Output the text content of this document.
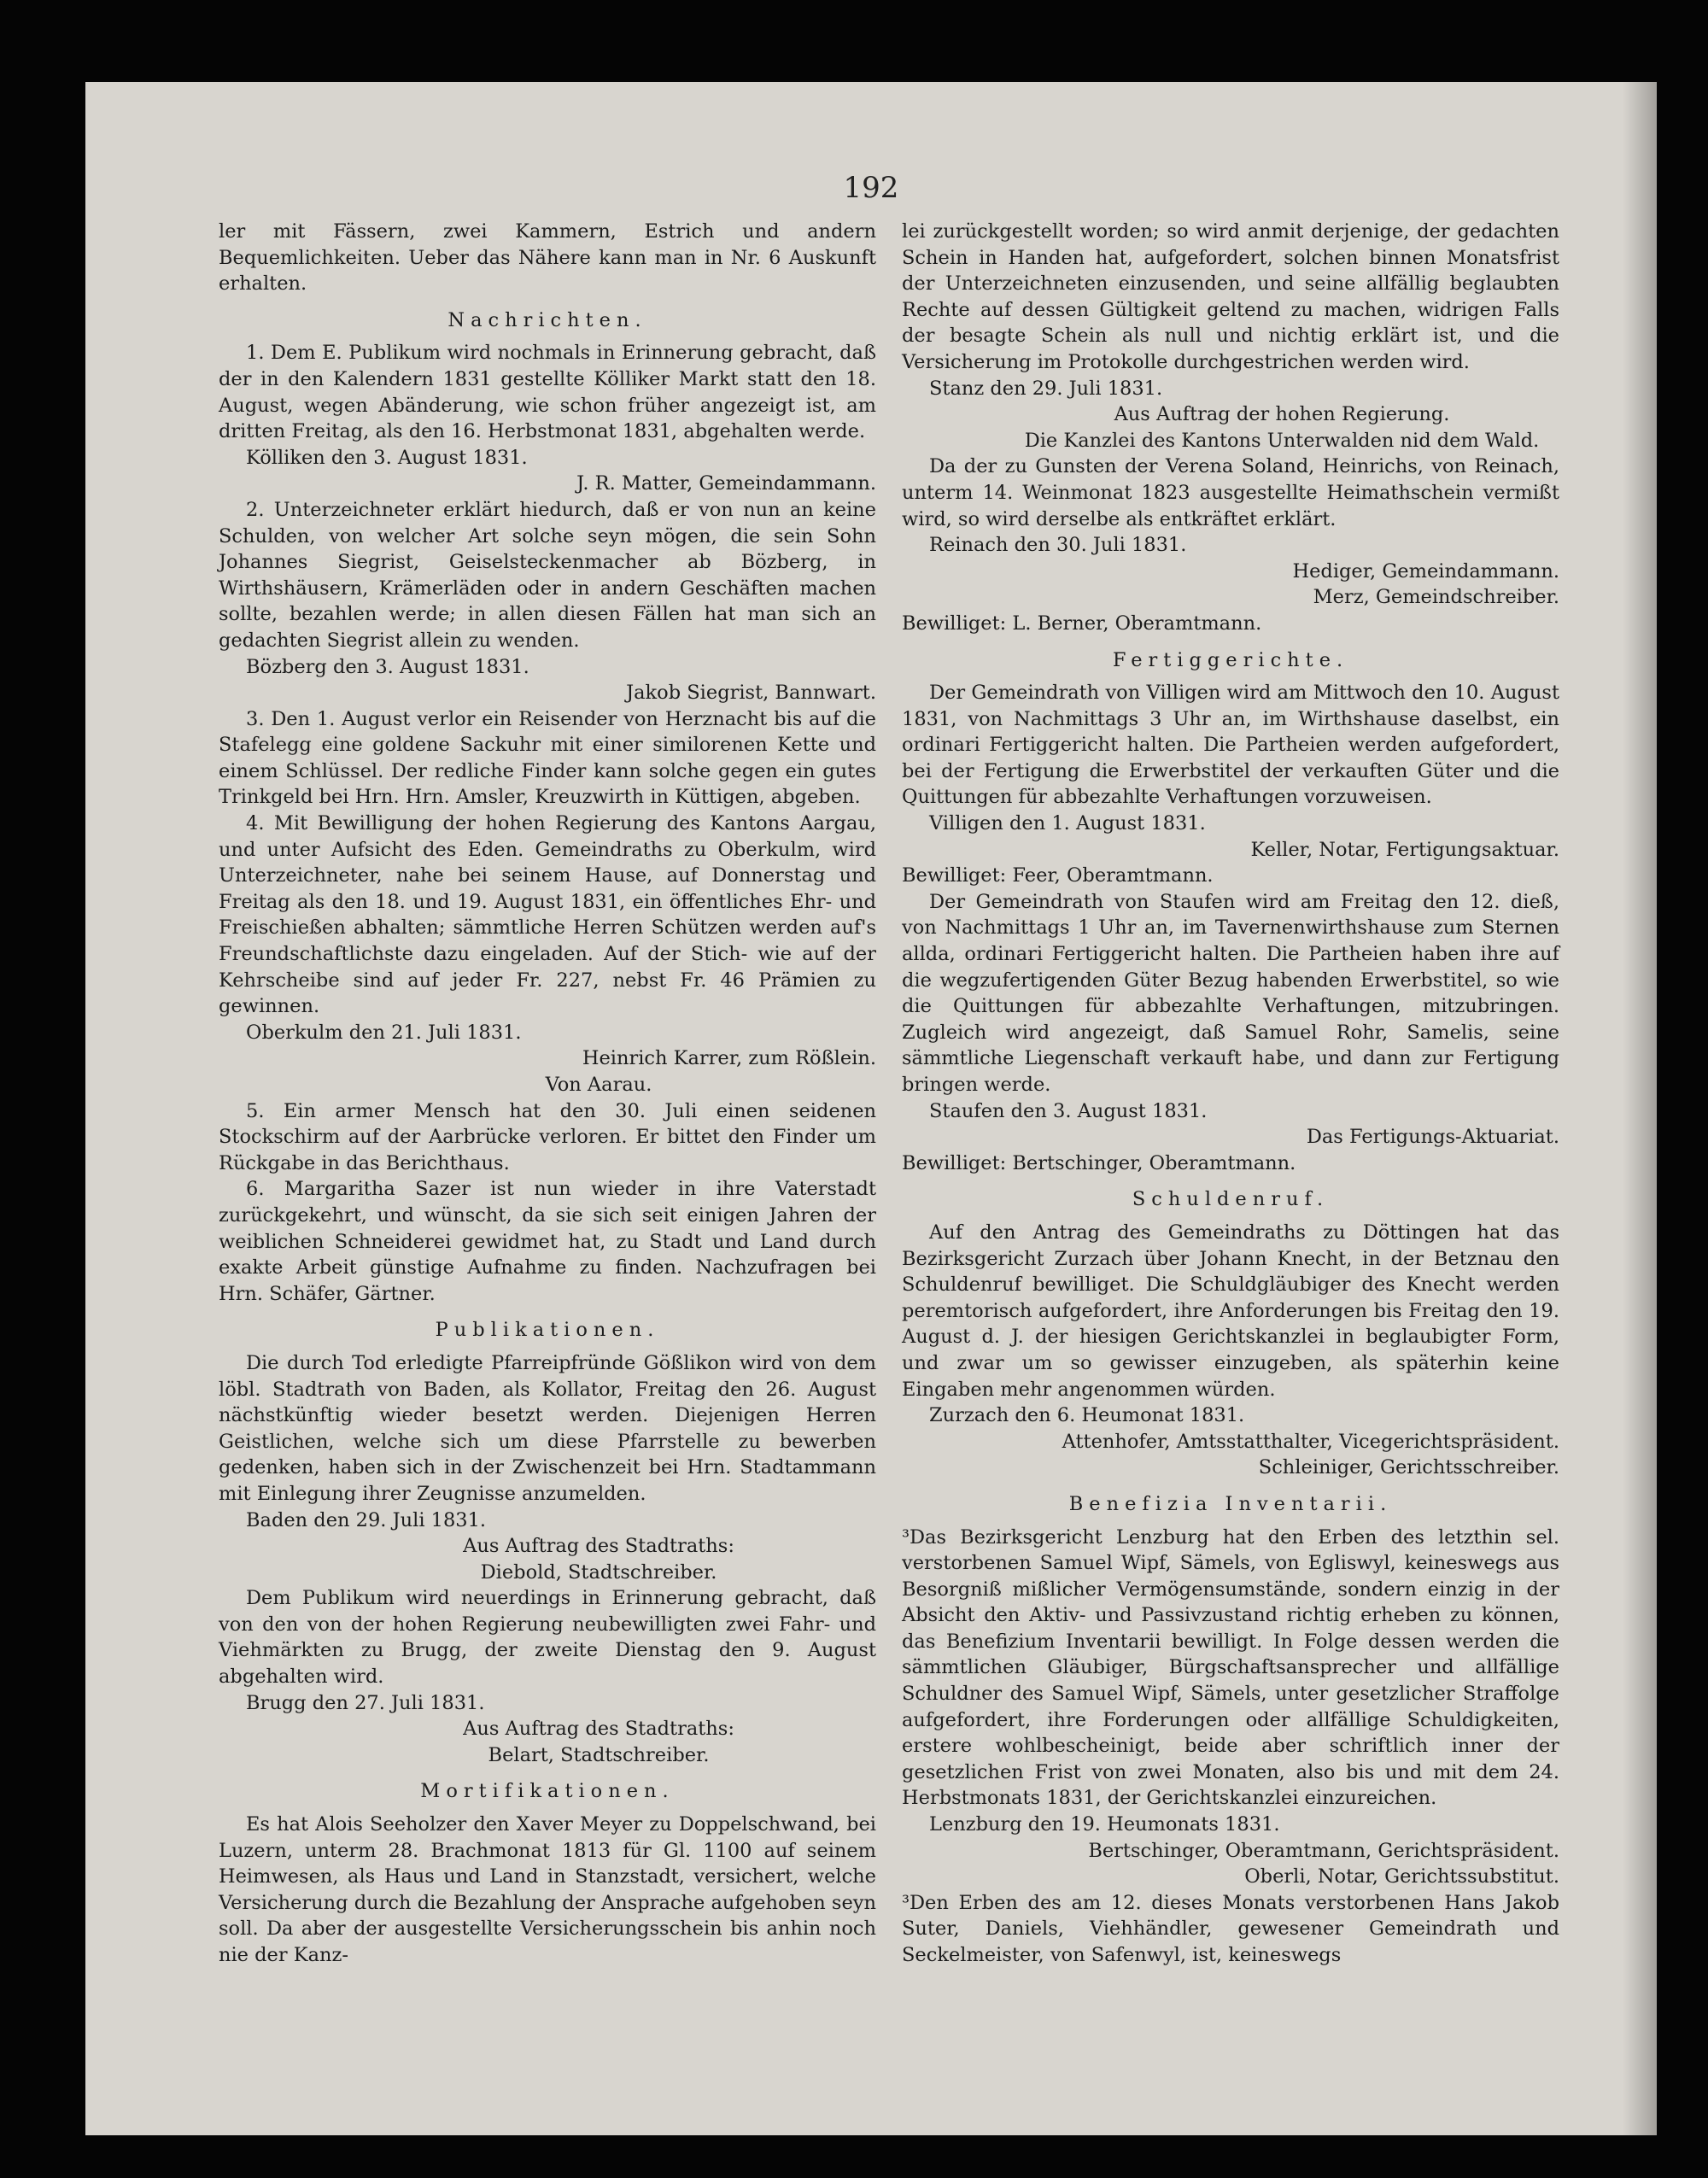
192

ler mit Fässern, zwei Kammern, Estrich und andern Bequemlichkeiten. Ueber das Nähere kann man in Nr. 6 Auskunft erhalten.

Nachrichten.

1. Dem E. Publikum wird nochmals in Erinnerung gebracht, daß der in den Kalendern 1831 gestellte Kölliker Markt statt den 18. August, wegen Abänderung, wie schon früher angezeigt ist, am dritten Freitag, als den 16. Herbstmonat 1831, abgehalten werde.

Kölliken den 3. August 1831.

J. R. Matter, Gemeindammann.

2. Unterzeichneter erklärt hiedurch, daß er von nun an keine Schulden, von welcher Art solche seyn mögen, die sein Sohn Johannes Siegrist, Geiselsteckenmacher ab Bözberg, in Wirthshäusern, Krämerläden oder in andern Geschäften machen sollte, bezahlen werde; in allen diesen Fällen hat man sich an gedachten Siegrist allein zu wenden.

Bözberg den 3. August 1831.

Jakob Siegrist, Bannwart.

3. Den 1. August verlor ein Reisender von Herznacht bis auf die Stafelegg eine goldene Sackuhr mit einer similorenen Kette und einem Schlüssel. Der redliche Finder kann solche gegen ein gutes Trinkgeld bei Hrn. Hrn. Amsler, Kreuzwirth in Küttigen, abgeben.

4. Mit Bewilligung der hohen Regierung des Kantons Aargau, und unter Aufsicht des Eden. Gemeindraths zu Oberkulm, wird Unterzeichneter, nahe bei seinem Hause, auf Donnerstag und Freitag als den 18. und 19. August 1831, ein öffentliches Ehr- und Freischießen abhalten; sämmtliche Herren Schützen werden auf's Freundschaftlichste dazu eingeladen. Auf der Stich- wie auf der Kehrscheibe sind auf jeder Fr. 227, nebst Fr. 46 Prämien zu gewinnen.

Oberkulm den 21. Juli 1831.

Heinrich Karrer, zum Rößlein.

Von Aarau.

5. Ein armer Mensch hat den 30. Juli einen seidenen Stockschirm auf der Aarbrücke verloren. Er bittet den Finder um Rückgabe in das Berichthaus.

6. Margaritha Sazer ist nun wieder in ihre Vaterstadt zurückgekehrt, und wünscht, da sie sich seit einigen Jahren der weiblichen Schneiderei gewidmet hat, zu Stadt und Land durch exakte Arbeit günstige Aufnahme zu finden. Nachzufragen bei Hrn. Schäfer, Gärtner.

Publikationen.

Die durch Tod erledigte Pfarreipfründe Gößlikon wird von dem löbl. Stadtrath von Baden, als Kollator, Freitag den 26. August nächstkünftig wieder besetzt werden. Diejenigen Herren Geistlichen, welche sich um diese Pfarrstelle zu bewerben gedenken, haben sich in der Zwischenzeit bei Hrn. Stadtammann mit Einlegung ihrer Zeugnisse anzumelden.

Baden den 29. Juli 1831.

Aus Auftrag des Stadtraths:

Diebold, Stadtschreiber.

Dem Publikum wird neuerdings in Erinnerung gebracht, daß von den von der hohen Regierung neubewilligten zwei Fahr- und Viehmärkten zu Brugg, der zweite Dienstag den 9. August abgehalten wird.

Brugg den 27. Juli 1831.

Aus Auftrag des Stadtraths:

Belart, Stadtschreiber.

Mortifikationen.

Es hat Alois Seeholzer den Xaver Meyer zu Doppelschwand, bei Luzern, unterm 28. Brachmonat 1813 für Gl. 1100 auf seinem Heimwesen, als Haus und Land in Stanzstadt, versichert, welche Versicherung durch die Bezahlung der Ansprache aufgehoben seyn soll. Da aber der ausgestellte Versicherungsschein bis anhin noch nie der Kanz-

lei zurückgestellt worden; so wird anmit derjenige, der gedachten Schein in Handen hat, aufgefordert, solchen binnen Monatsfrist der Unterzeichneten einzusenden, und seine allfällig beglaubten Rechte auf dessen Gültigkeit geltend zu machen, widrigen Falls der besagte Schein als null und nichtig erklärt ist, und die Versicherung im Protokolle durchgestrichen werden wird.

Stanz den 29. Juli 1831.

Aus Auftrag der hohen Regierung.

Die Kanzlei des Kantons Unterwalden nid dem Wald.

Da der zu Gunsten der Verena Soland, Heinrichs, von Reinach, unterm 14. Weinmonat 1823 ausgestellte Heimathschein vermißt wird, so wird derselbe als entkräftet erklärt.

Reinach den 30. Juli 1831.

Hediger, Gemeindammann.

Merz, Gemeindschreiber.

Bewilliget: L. Berner, Oberamtmann.

Fertiggerichte.

Der Gemeindrath von Villigen wird am Mittwoch den 10. August 1831, von Nachmittags 3 Uhr an, im Wirthshause daselbst, ein ordinari Fertiggericht halten. Die Partheien werden aufgefordert, bei der Fertigung die Erwerbstitel der verkauften Güter und die Quittungen für abbezahlte Verhaftungen vorzuweisen.

Villigen den 1. August 1831.

Keller, Notar, Fertigungsaktuar.

Bewilliget: Feer, Oberamtmann.

Der Gemeindrath von Staufen wird am Freitag den 12. dieß, von Nachmittags 1 Uhr an, im Tavernenwirthshause zum Sternen allda, ordinari Fertiggericht halten. Die Partheien haben ihre auf die wegzufertigenden Güter Bezug habenden Erwerbstitel, so wie die Quittungen für abbezahlte Verhaftungen, mitzubringen. Zugleich wird angezeigt, daß Samuel Rohr, Samelis, seine sämmtliche Liegenschaft verkauft habe, und dann zur Fertigung bringen werde.

Staufen den 3. August 1831.

Das Fertigungs-Aktuariat.

Bewilliget: Bertschinger, Oberamtmann.

Schuldenruf.

Auf den Antrag des Gemeindraths zu Döttingen hat das Bezirksgericht Zurzach über Johann Knecht, in der Betznau den Schuldenruf bewilliget. Die Schuldgläubiger des Knecht werden peremtorisch aufgefordert, ihre Anforderungen bis Freitag den 19. August d. J. der hiesigen Gerichtskanzlei in beglaubigter Form, und zwar um so gewisser einzugeben, als späterhin keine Eingaben mehr angenommen würden.

Zurzach den 6. Heumonat 1831.

Attenhofer, Amtsstatthalter, Vicegerichtspräsident.

Schleiniger, Gerichtsschreiber.

Benefizia Inventarii.

³Das Bezirksgericht Lenzburg hat den Erben des letzthin sel. verstorbenen Samuel Wipf, Sämels, von Egliswyl, keineswegs aus Besorgniß mißlicher Vermögensumstände, sondern einzig in der Absicht den Aktiv- und Passivzustand richtig erheben zu können, das Benefizium Inventarii bewilligt. In Folge dessen werden die sämmtlichen Gläubiger, Bürgschaftsansprecher und allfällige Schuldner des Samuel Wipf, Sämels, unter gesetzlicher Straffolge aufgefordert, ihre Forderungen oder allfällige Schuldigkeiten, erstere wohlbescheinigt, beide aber schriftlich inner der gesetzlichen Frist von zwei Monaten, also bis und mit dem 24. Herbstmonats 1831, der Gerichtskanzlei einzureichen.

Lenzburg den 19. Heumonats 1831.

Bertschinger, Oberamtmann, Gerichtspräsident.

Oberli, Notar, Gerichtssubstitut.

³Den Erben des am 12. dieses Monats verstorbenen Hans Jakob Suter, Daniels, Viehhändler, gewesener Gemeindrath und Seckelmeister, von Safenwyl, ist, keineswegs
